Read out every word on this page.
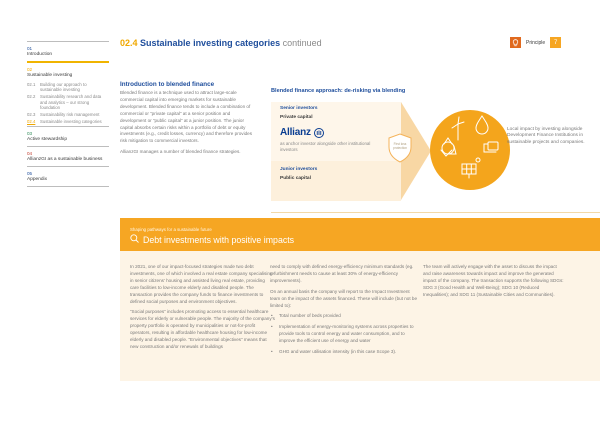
01
Introduction
02
Sustainable investing
02.1	Building our approach to sustainable investing
02.2	Sustainability research and data and analytics – our strong foundation
02.3	Sustainability risk management
02.4	Sustainable investing categories
03
Active stewardship
04
AllianzGI as a sustainable business
05
Appendix
02.4 Sustainable investing categories continued	Principle	7
Introduction to blended finance

Blended finance is a technique used to attract large-scale commercial capital into emerging markets for sustainable development. Blended finance tends to include a combination of commercial or “private capital” at a senior position and development or “public capital” at a junior position. The junior capital absorbs certain risks within a portfolio of debt or equity investments (e.g., credit losses, currency) and therefore provides risk mitigation to commercial investors.

AllianzGI manages a number of blended finance strategies.

Blended finance approach: de-risking via blending
Senior investors
Private capital
Allianz
as anchor investor alongside other institutional investors
Junior investors
Public capital
First loss protection
Local impact by investing alongside Development Finance Institutions in sustainable projects and companies.
Shaping pathways for a sustainable future
Debt investments with positive impacts

In 2021, one of our impact-focused strategies made two debt investments, one of which involved a real estate company specialising in senior citizens’ housing and assisted living real estate, providing care facilities to low-income elderly and disabled people. The transaction provides the company funds to finance investments to defined social purposes and environment objectives.

“Social purposes” includes promoting access to essential healthcare services for elderly or vulnerable people. The majority of the company’s property portfolio is operated by municipalities or not-for-profit operators, resulting in affordable healthcare housing for low-income elderly and disabled people. “Environmental objectives” means that new construction and/or renewals of buildings

need to comply with defined energy-efficiency minimum standards (eg. refurbishment needs to cause at least 30% of energy-efficiency improvements).

On an annual basis the company will report to the Impact Investment team on the impact of the assets financed. These will include (but not be limited to):

• Total number of beds provided
• Implementation of energy-monitoring systems across properties to provide tools to control energy and water consumption, and to improve the efficient use of energy and water
• GHG and water utilisation intensity (in this case Scope 3).

The team will actively engage with the asset to discuss the impact and raise awareness towards impact and improve the generated impact of the company. The transaction supports the following SDGs: SDG 3 (Good Health and Well-Being); SDG 10 (Reduced Inequalities); and SDG 11 (Sustainable Cities and Communities).
